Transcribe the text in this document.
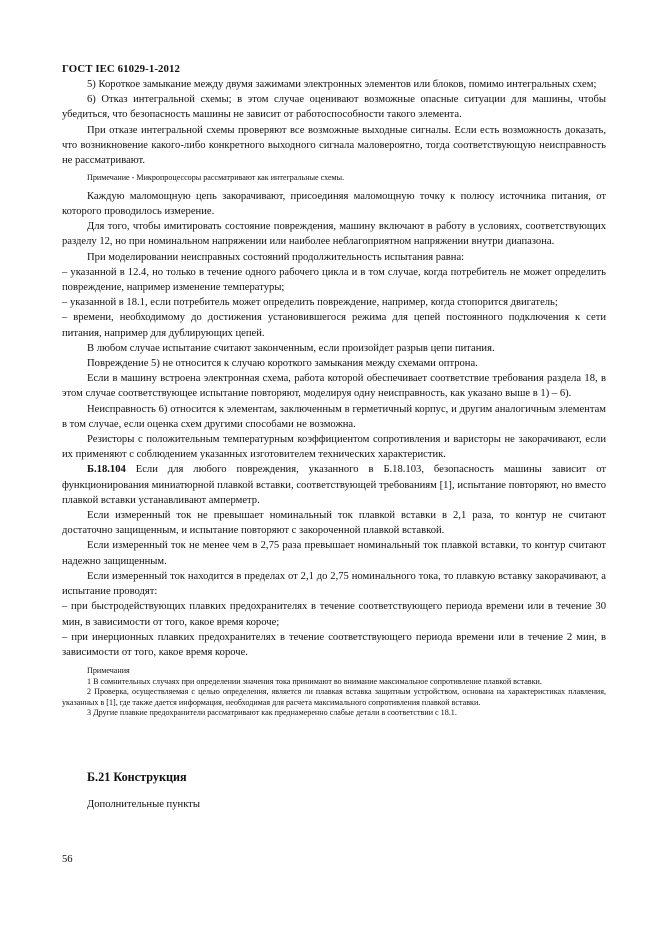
ГОСТ IEC 61029-1-2012

5) Короткое замыкание между двумя зажимами электронных элементов или блоков, помимо интегральных схем;

6) Отказ интегральной схемы; в этом случае оценивают возможные опасные ситуации для машины, чтобы убедиться, что безопасность машины не зависит от работоспособности такого элемента.

При отказе интегральной схемы проверяют все возможные выходные сигналы. Если есть возможность доказать, что возникновение какого-либо конкретного выходного сигнала маловероятно, тогда соответствующую неисправность не рассматривают.

Примечание - Микропроцессоры рассматривают как интегральные схемы.

Каждую маломощную цепь закорачивают, присоединяя маломощную точку к полюсу источника питания, от которого проводилось измерение.

Для того, чтобы имитировать состояние повреждения, машину включают в работу в условиях, соответствующих разделу 12, но при номинальном напряжении или наиболее неблагоприятном напряжении внутри диапазона.

При моделировании неисправных состояний продолжительность испытания равна:

– указанной в 12.4, но только в течение одного рабочего цикла и в том случае, когда потребитель не может определить повреждение, например изменение температуры;

– указанной в 18.1, если потребитель может определить повреждение, например, когда стопорится двигатель;

– времени, необходимому до достижения установившегося режима для цепей постоянного подключения к сети питания, например для дублирующих цепей.

В любом случае испытание считают законченным, если произойдет разрыв цепи питания.

Повреждение 5) не относится к случаю короткого замыкания между схемами оптрона.

Если в машину встроена электронная схема, работа которой обеспечивает соответствие требования раздела 18, в этом случае соответствующее испытание повторяют, моделируя одну неисправность, как указано выше в 1) – 6).

Неисправность 6) относится к элементам, заключенным в герметичный корпус, и другим аналогичным элементам в том случае, если оценка схем другими способами не возможна.

Резисторы с положительным температурным коэффициентом сопротивления и варисторы не закорачивают, если их применяют с соблюдением указанных изготовителем технических характеристик.

Б.18.104 Если для любого повреждения, указанного в Б.18.103, безопасность машины зависит от функционирования миниатюрной плавкой вставки, соответствующей требованиям [1], испытание повторяют, но вместо плавкой вставки устанавливают амперметр.

Если измеренный ток не превышает номинальный ток плавкой вставки в 2,1 раза, то контур не считают достаточно защищенным, и испытание повторяют с закороченной плавкой вставкой.

Если измеренный ток не менее чем в 2,75 раза превышает номинальный ток плавкой вставки, то контур считают надежно защищенным.

Если измеренный ток находится в пределах от 2,1 до 2,75 номинального тока, то плавкую вставку закорачивают, а испытание проводят:

– при быстродействующих плавких предохранителях в течение соответствующего периода времени или в течение 30 мин, в зависимости от того, какое время короче;

– при инерционных плавких предохранителях в течение соответствующего периода времени или в течение 2 мин, в зависимости от того, какое время короче.

Примечания

1 В сомнительных случаях при определении значения тока принимают во внимание максимальное сопротивление плавкой вставки.

2 Проверка, осуществляемая с целью определения, является ли плавкая вставка защитным устройством, основана на характеристиках плавления, указанных в [1], где также дается информация, необходимая для расчета максимального сопротивления плавкой вставки.

3 Другие плавкие предохранители рассматривают как преднамеренно слабые детали в соответствии с 18.1.

Б.21 Конструкция
Дополнительные пункты
56
